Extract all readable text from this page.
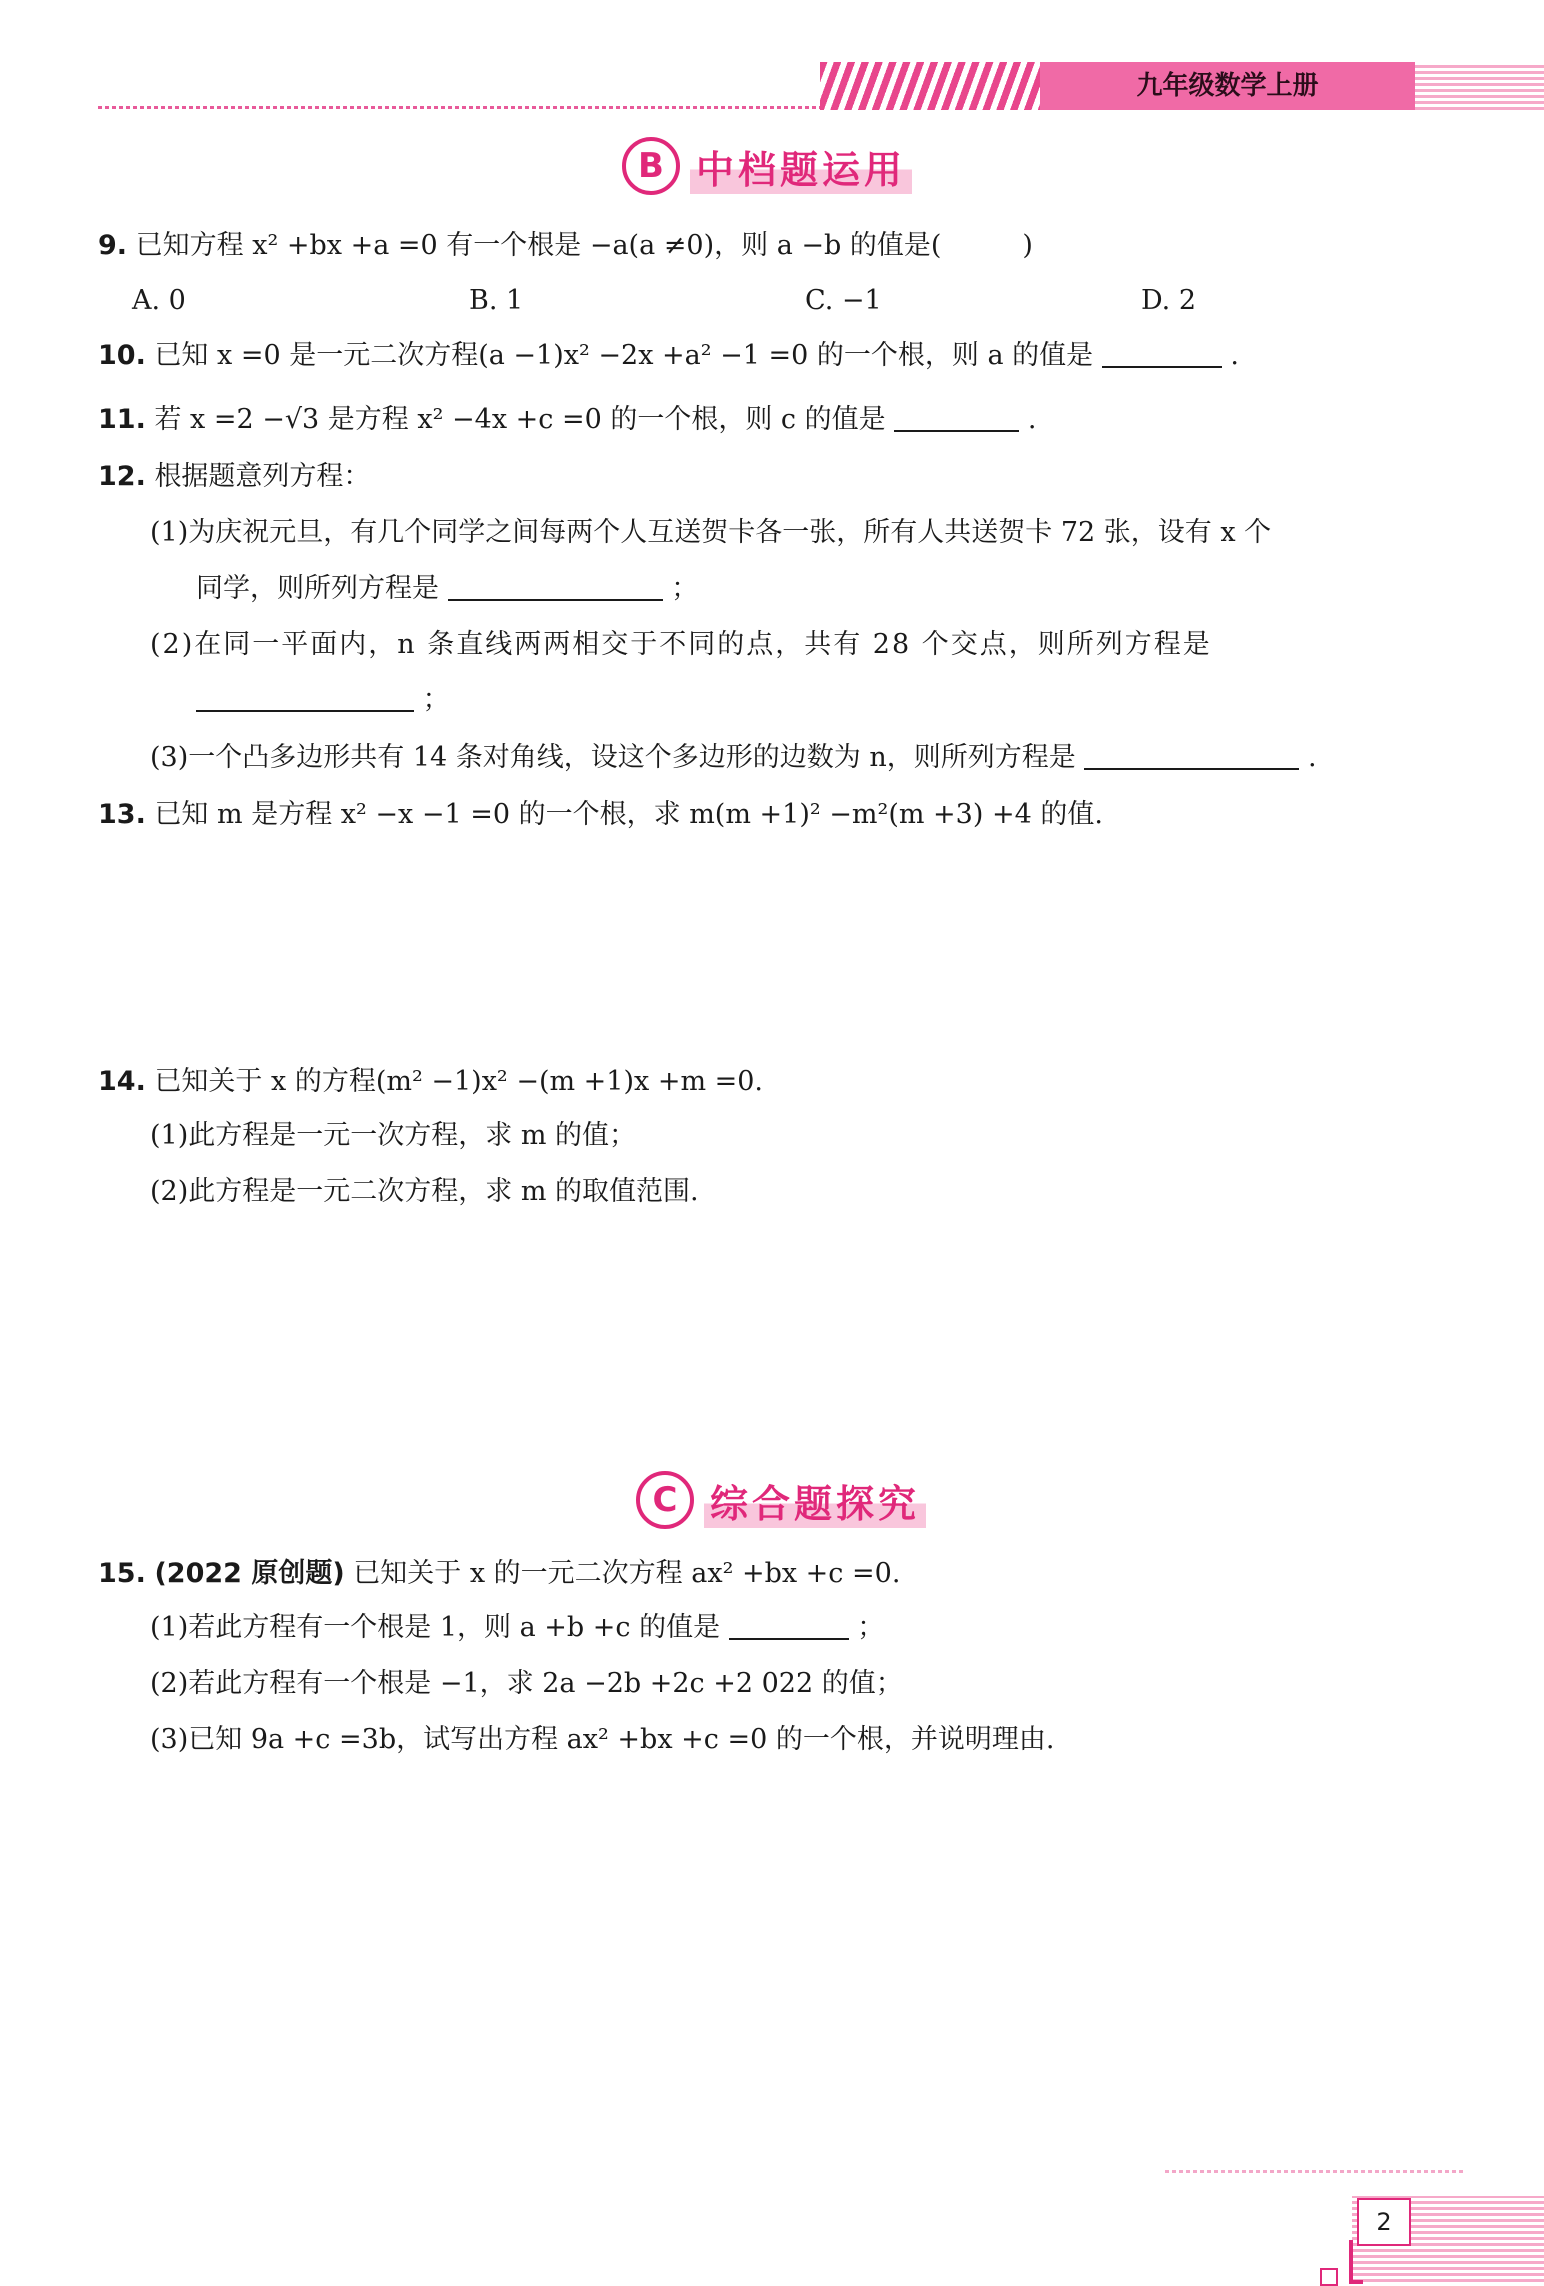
九年级数学上册
B 中档题运用
9. 已知方程 x² +bx +a =0 有一个根是 −a(a ≠0)，则 a −b 的值是(　　　)
A. 0	B. 1	C. −1	D. 2
10. 已知 x =0 是一元二次方程(a −1)x² −2x +a² −1 =0 的一个根，则 a 的值是	.
11. 若 x =2 −√3 是方程 x² −4x +c =0 的一个根，则 c 的值是	.
12. 根据题意列方程：
(1)为庆祝元旦，有几个同学之间每两个人互送贺卡各一张，所有人共送贺卡 72 张，设有 x 个
同学，则所列方程是	；
(2)在同一平面内，n 条直线两两相交于不同的点，共有 28 个交点，则所列方程是
；
(3)一个凸多边形共有 14 条对角线，设这个多边形的边数为 n，则所列方程是	.
13. 已知 m 是方程 x² −x −1 =0 的一个根，求 m(m +1)² −m²(m +3) +4 的值.
14. 已知关于 x 的方程(m² −1)x² −(m +1)x +m =0.
(1)此方程是一元一次方程，求 m 的值；
(2)此方程是一元二次方程，求 m 的取值范围.
C 综合题探究
15. (2022 原创题) 已知关于 x 的一元二次方程 ax² +bx +c =0.
(1)若此方程有一个根是 1，则 a +b +c 的值是	；
(2)若此方程有一个根是 −1，求 2a −2b +2c +2 022 的值；
(3)已知 9a +c =3b，试写出方程 ax² +bx +c =0 的一个根，并说明理由.
2
